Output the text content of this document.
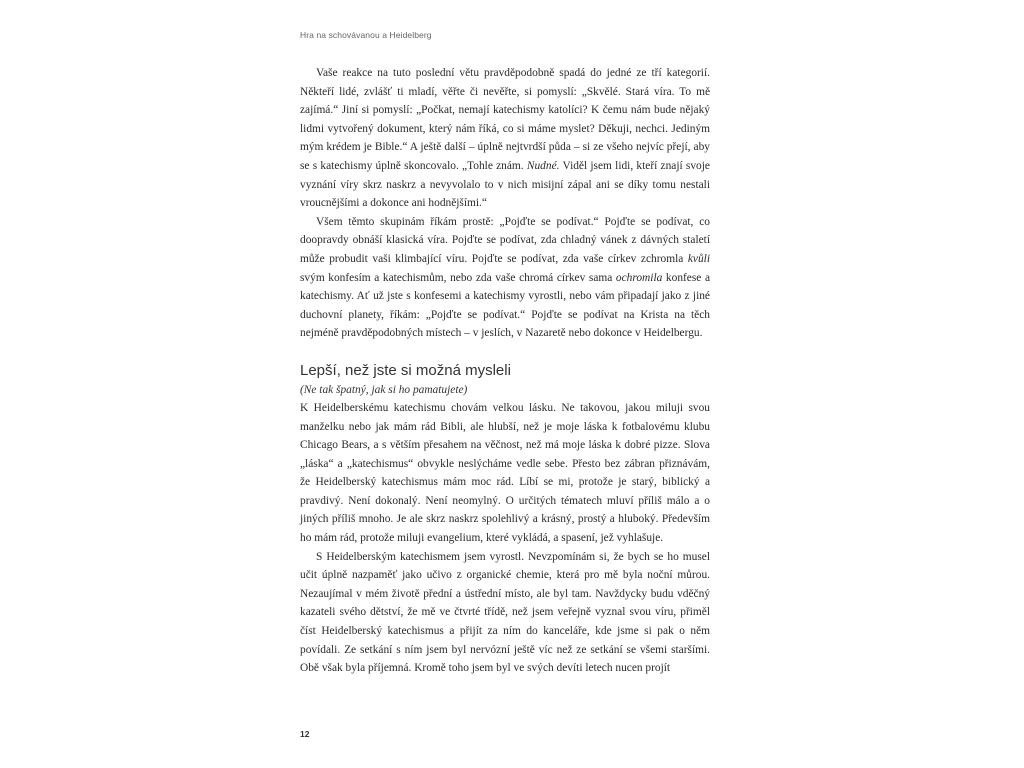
Hra na schovávanou a Heidelberg

Vaše reakce na tuto poslední větu pravděpodobně spadá do jedné ze tří kategorií. Někteří lidé, zvlášť ti mladí, věřte či nevěřte, si pomyslí: „Skvělé. Stará víra. To mě zajímá.“ Jiní si pomyslí: „Počkat, nemají katechismy katolíci? K čemu nám bude nějaký lidmi vytvořený dokument, který nám říká, co si máme myslet? Děkuji, nechci. Jediným mým krédem je Bible.“ A ještě další – úplně nejtvrdší půda – si ze všeho nejvíc přejí, aby se s katechismy úplně skoncovalo. „Tohle znám. Nudné. Viděl jsem lidi, kteří znají svoje vyznání víry skrz naskrz a nevyvolalo to v nich misijní zápal ani se díky tomu nestali vroucnějšími a dokonce ani hodnějšími.“

Všem těmto skupinám říkám prostě: „Pojďte se podívat.“ Pojďte se podívat, co doopravdy obnáší klasická víra. Pojďte se podívat, zda chladný vánek z dávných staletí může probudit vaši klimbající víru. Pojďte se podívat, zda vaše církev zchromla kvůli svým konfesím a katechismům, nebo zda vaše chromá církev sama ochromila konfese a katechismy. Ať už jste s konfesemi a katechismy vyrostli, nebo vám připadají jako z jiné duchovní planety, říkám: „Pojďte se podívat.“ Pojďte se podívat na Krista na těch nejméně pravděpodobných místech – v jeslích, v Nazaretě nebo dokonce v Heidelbergu.

Lepší, než jste si možná mysleli

(Ne tak špatný, jak si ho pamatujete)

K Heidelberskému katechismu chovám velkou lásku. Ne takovou, jakou miluji svou manželku nebo jak mám rád Bibli, ale hlubší, než je moje láska k fotbalovému klubu Chicago Bears, a s větším přesahem na věčnost, než má moje láska k dobré pizze. Slova „láska“ a „katechismus“ obvykle neslýcháme vedle sebe. Přesto bez zábran přiznávám, že Heidelberský katechismus mám moc rád. Líbí se mi, protože je starý, biblický a pravdivý. Není dokonalý. Není neomylný. O určitých tématech mluví příliš málo a o jiných příliš mnoho. Je ale skrz naskrz spolehlivý a krásný, prostý a hluboký. Především ho mám rád, protože miluji evangelium, které vykládá, a spasení, jež vyhlašuje.

S Heidelberským katechismem jsem vyrostl. Nevzpomínám si, že bych se ho musel učit úplně nazpaměť jako učivo z organické chemie, která pro mě byla noční můrou. Nezaujímal v mém životě přední a ústřední místo, ale byl tam. Navždycky budu vděčný kazateli svého dětství, že mě ve čtvrté třídě, než jsem veřejně vyznal svou víru, přiměl číst Heidelberský katechismus a přijít za ním do kanceláře, kde jsme si pak o něm povídali. Ze setkání s ním jsem byl nervózní ještě víc než ze setkání se všemi staršími. Obě však byla příjemná. Kromě toho jsem byl ve svých devíti letech nucen projít

12
